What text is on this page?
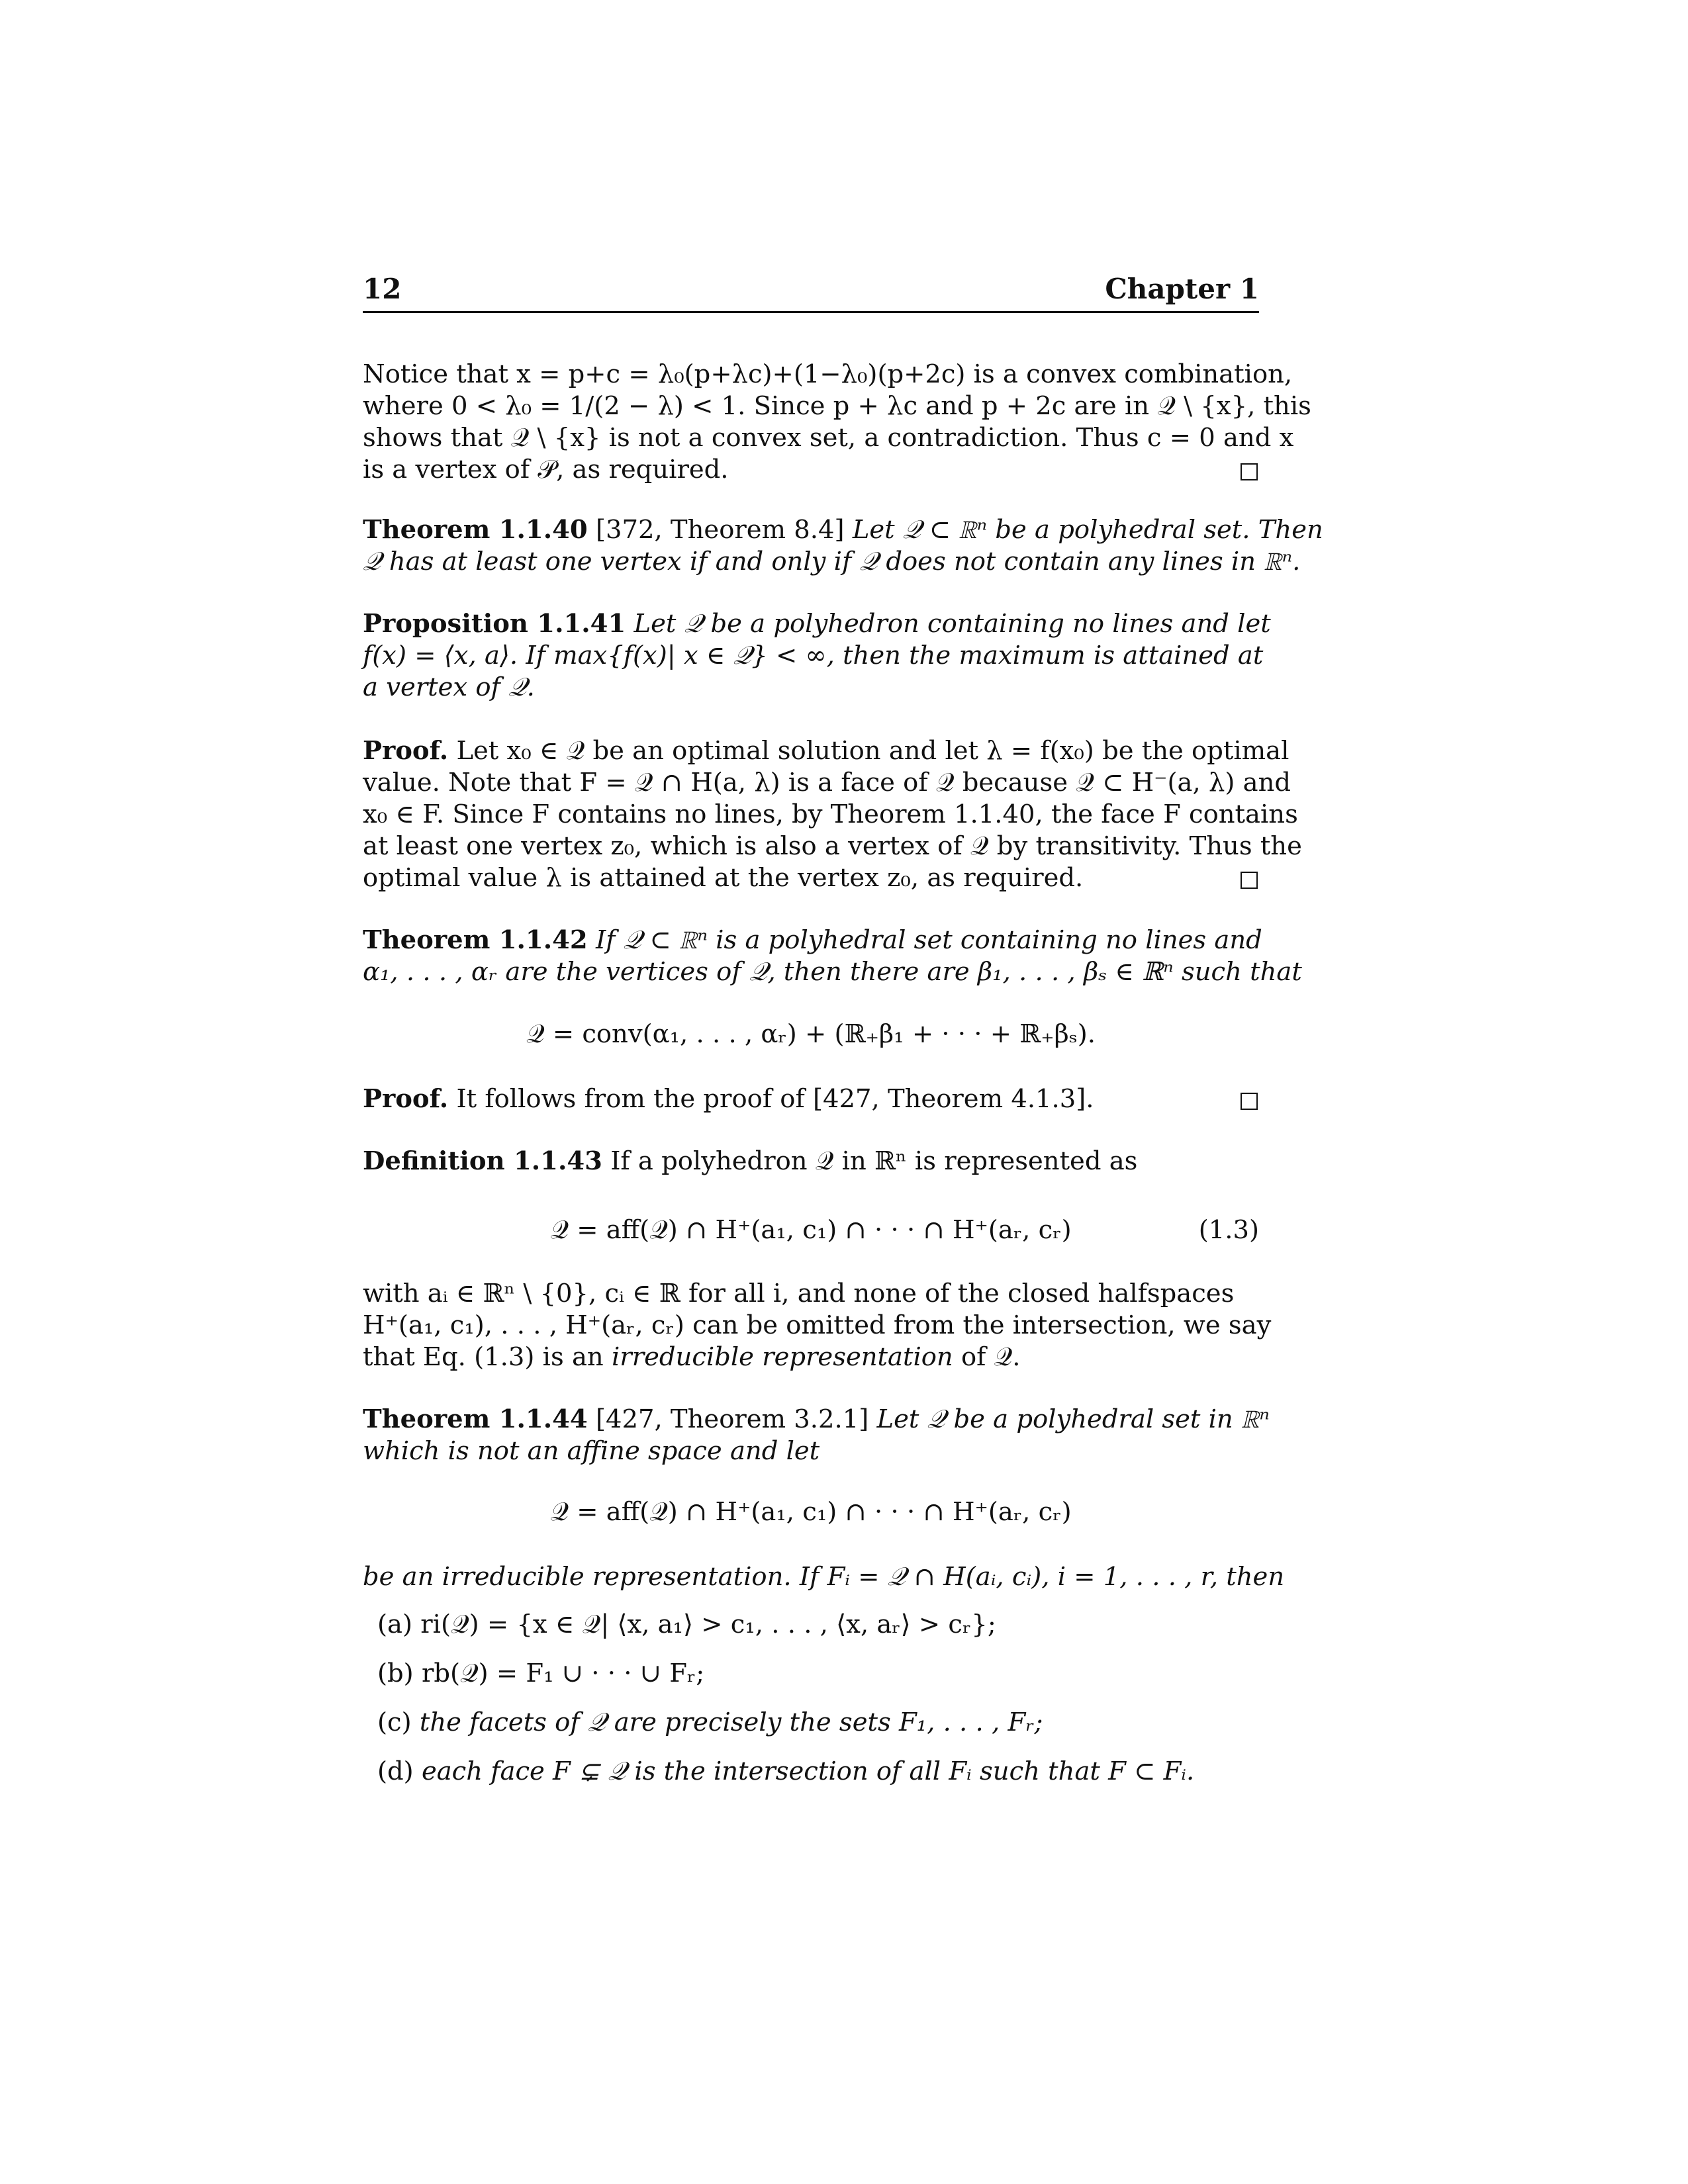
12	Chapter 1
Notice that x = p+c = λ₀(p+λc)+(1−λ₀)(p+2c) is a convex combination,
where 0 < λ₀ = 1/(2 − λ) < 1. Since p + λc and p + 2c are in 𝒬 \ {x}, this
shows that 𝒬 \ {x} is not a convex set, a contradiction. Thus c = 0 and x
is a vertex of 𝒫, as required.
Theorem 1.1.40 [372, Theorem 8.4] Let 𝒬 ⊂ ℝⁿ be a polyhedral set. Then
𝒬 has at least one vertex if and only if 𝒬 does not contain any lines in ℝⁿ.
Proposition 1.1.41 Let 𝒬 be a polyhedron containing no lines and let
f(x) = ⟨x, a⟩. If max{f(x)| x ∈ 𝒬} < ∞, then the maximum is attained at
a vertex of 𝒬.
Proof. Let x₀ ∈ 𝒬 be an optimal solution and let λ = f(x₀) be the optimal
value. Note that F = 𝒬 ∩ H(a, λ) is a face of 𝒬 because 𝒬 ⊂ H⁻(a, λ) and
x₀ ∈ F. Since F contains no lines, by Theorem 1.1.40, the face F contains
at least one vertex z₀, which is also a vertex of 𝒬 by transitivity. Thus the
optimal value λ is attained at the vertex z₀, as required.
Theorem 1.1.42 If 𝒬 ⊂ ℝⁿ is a polyhedral set containing no lines and
α₁, . . . , αᵣ are the vertices of 𝒬, then there are β₁, . . . , βₛ ∈ ℝⁿ such that
𝒬 = conv(α₁, . . . , αᵣ) + (ℝ₊β₁ + · · · + ℝ₊βₛ).
Proof. It follows from the proof of [427, Theorem 4.1.3].
Definition 1.1.43 If a polyhedron 𝒬 in ℝⁿ is represented as
𝒬 = aff(𝒬) ∩ H⁺(a₁, c₁) ∩ · · · ∩ H⁺(aᵣ, cᵣ)	(1.3)
with aᵢ ∈ ℝⁿ \ {0}, cᵢ ∈ ℝ for all i, and none of the closed halfspaces
H⁺(a₁, c₁), . . . , H⁺(aᵣ, cᵣ) can be omitted from the intersection, we say
that Eq. (1.3) is an irreducible representation of 𝒬.
Theorem 1.1.44 [427, Theorem 3.2.1] Let 𝒬 be a polyhedral set in ℝⁿ
which is not an affine space and let
𝒬 = aff(𝒬) ∩ H⁺(a₁, c₁) ∩ · · · ∩ H⁺(aᵣ, cᵣ)
be an irreducible representation. If Fᵢ = 𝒬 ∩ H(aᵢ, cᵢ), i = 1, . . . , r, then
(a) ri(𝒬) = {x ∈ 𝒬| ⟨x, a₁⟩ > c₁, . . . , ⟨x, aᵣ⟩ > cᵣ};
(b) rb(𝒬) = F₁ ∪ · · · ∪ Fᵣ;
(c) the facets of 𝒬 are precisely the sets F₁, . . . , Fᵣ;
(d) each face F ⊊ 𝒬 is the intersection of all Fᵢ such that F ⊂ Fᵢ.
